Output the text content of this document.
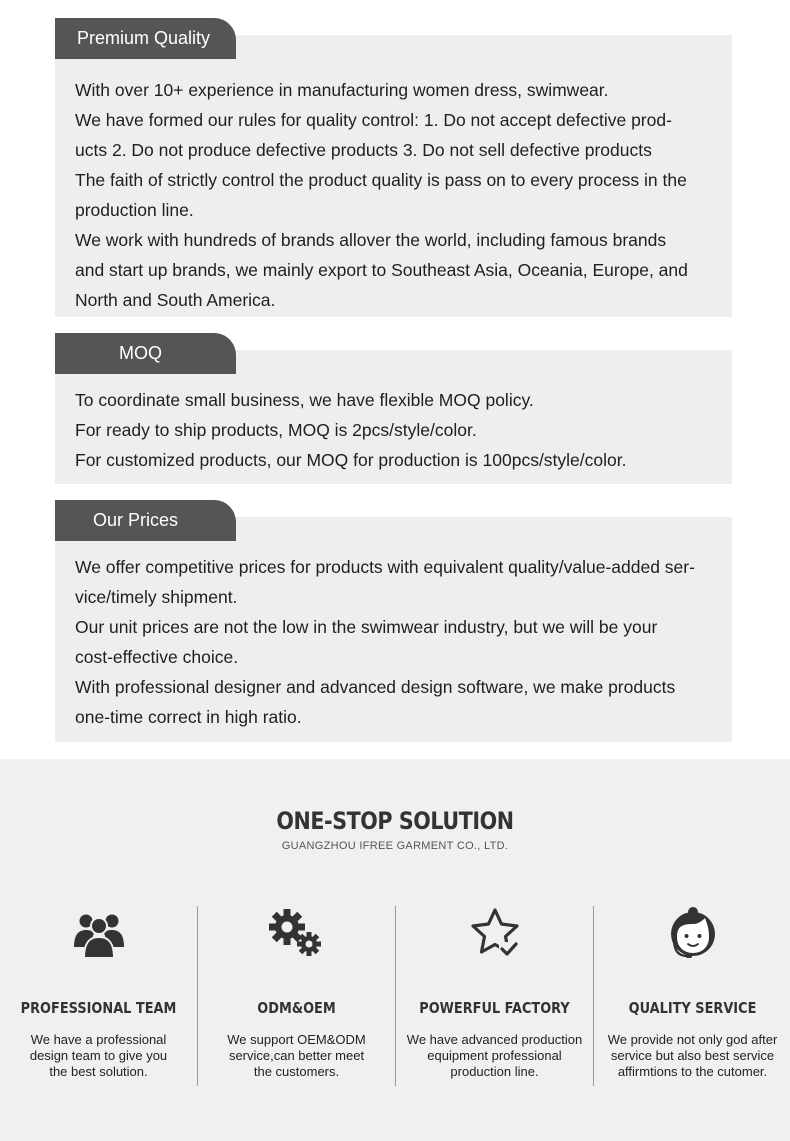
With over 10+ experience in manufacturing women dress, swimwear.

We have formed our rules for quality control: 1. Do not accept defective prod-

ucts 2. Do not produce defective products 3. Do not sell defective products

The faith of strictly control the product quality is pass on to every process in the

production line.

We work with hundreds of brands allover the world, including famous brands

and start up brands, we mainly export to Southeast Asia, Oceania, Europe, and

North and South America.

Premium Quality

To coordinate small business, we have flexible MOQ policy.

For ready to ship products, MOQ is 2pcs/style/color.

For customized products, our MOQ for production is 100pcs/style/color.

MOQ

We offer competitive prices for products with equivalent quality/value-added ser-

vice/timely shipment.

Our unit prices are not the low in the swimwear industry, but we will be your

cost-effective choice.

With professional designer and advanced design software, we make products

one-time correct in high ratio.

Our Prices
ONE-STOP SOLUTION
GUANGZHOU IFREE GARMENT CO., LTD.
PROFESSIONAL TEAM
We have a professional
design team to give you
the best solution.
ODM&OEM
We support OEM&ODM
service,can better meet
the customers.
POWERFUL FACTORY
We have advanced production
equipment professional
production line.
QUALITY SERVICE
We provide not only god after
service but also best service
affirmtions to the cutomer.
